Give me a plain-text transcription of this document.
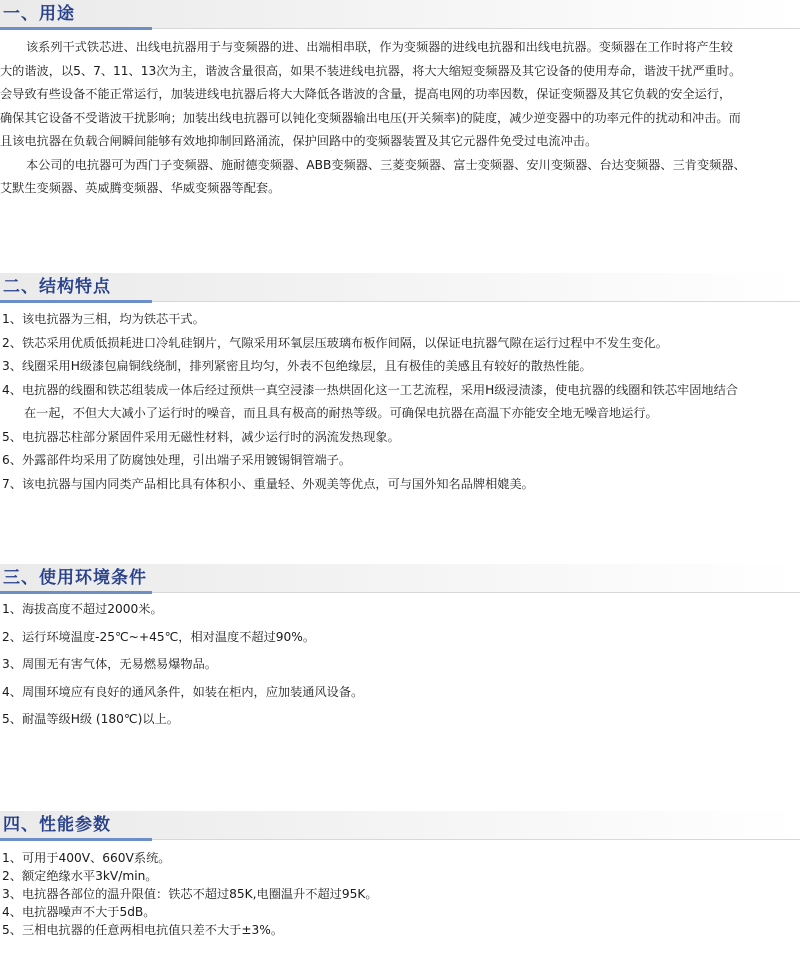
一、用途

该系列干式铁芯进、出线电抗器用于与变频器的进、出端相串联，作为变频器的进线电抗器和出线电抗器。变频器在工作时将产生较

大的谐波，以5、7、11、13次为主，谐波含量很高，如果不装进线电抗器，将大大缩短变频器及其它设备的使用寿命，谐波干扰严重时。

会导致有些设备不能正常运行，加装进线电抗器后将大大降低各谐波的含量，提高电网的功率因数，保证变频器及其它负载的安全运行，

确保其它设备不受谐波干扰影响；加装出线电抗器可以钝化变频器输出电压(开关频率)的陡度，减少逆变器中的功率元件的扰动和冲击。而

且该电抗器在负载合闸瞬间能够有效地抑制回路涌流，保护回路中的变频器装置及其它元器件免受过电流冲击。

本公司的电抗器可为西门子变频器、施耐德变频器、ABB变频器、三菱变频器、富士变频器、安川变频器、台达变频器、三肯变频器、

艾默生变频器、英威腾变频器、华威变频器等配套。

二、结构特点

1、该电抗器为三相，均为铁芯干式。

2、铁芯采用优质低损耗进口冷轧硅钢片，气隙采用环氧层压玻璃布板作间隔，以保证电抗器气隙在运行过程中不发生变化。

3、线圈采用H级漆包扁铜线绕制，排列紧密且均匀，外表不包绝缘层，且有极佳的美感且有较好的散热性能。

4、电抗器的线圈和铁芯组装成一体后经过预烘一真空浸漆一热烘固化这一工艺流程，采用H级浸渍漆，使电抗器的线圈和铁芯牢固地结合

在一起，不但大大减小了运行时的噪音，而且具有极高的耐热等级。可确保电抗器在高温下亦能安全地无噪音地运行。

5、电抗器芯柱部分紧固件采用无磁性材料，减少运行时的涡流发热现象。

6、外露部件均采用了防腐蚀处理，引出端子采用镀锡铜管端子。

7、该电抗器与国内同类产品相比具有体积小、重量轻、外观美等优点，可与国外知名品牌相媲美。

三、使用环境条件

1、海拔高度不超过2000米。

2、运行环境温度-25℃~+45℃，相对温度不超过90%。

3、周围无有害气体，无易燃易爆物品。

4、周围环境应有良好的通风条件，如装在柜内，应加装通风设备。

5、耐温等级H级 (180℃)以上。

四、性能参数

1、可用于400V、660V系统。

2、额定绝缘水平3kV/min。

3、电抗器各部位的温升限值：铁芯不超过85K,电圈温升不超过95K。

4、电抗器噪声不大于5dB。

5、三相电抗器的任意两相电抗值只差不大于±3%。
